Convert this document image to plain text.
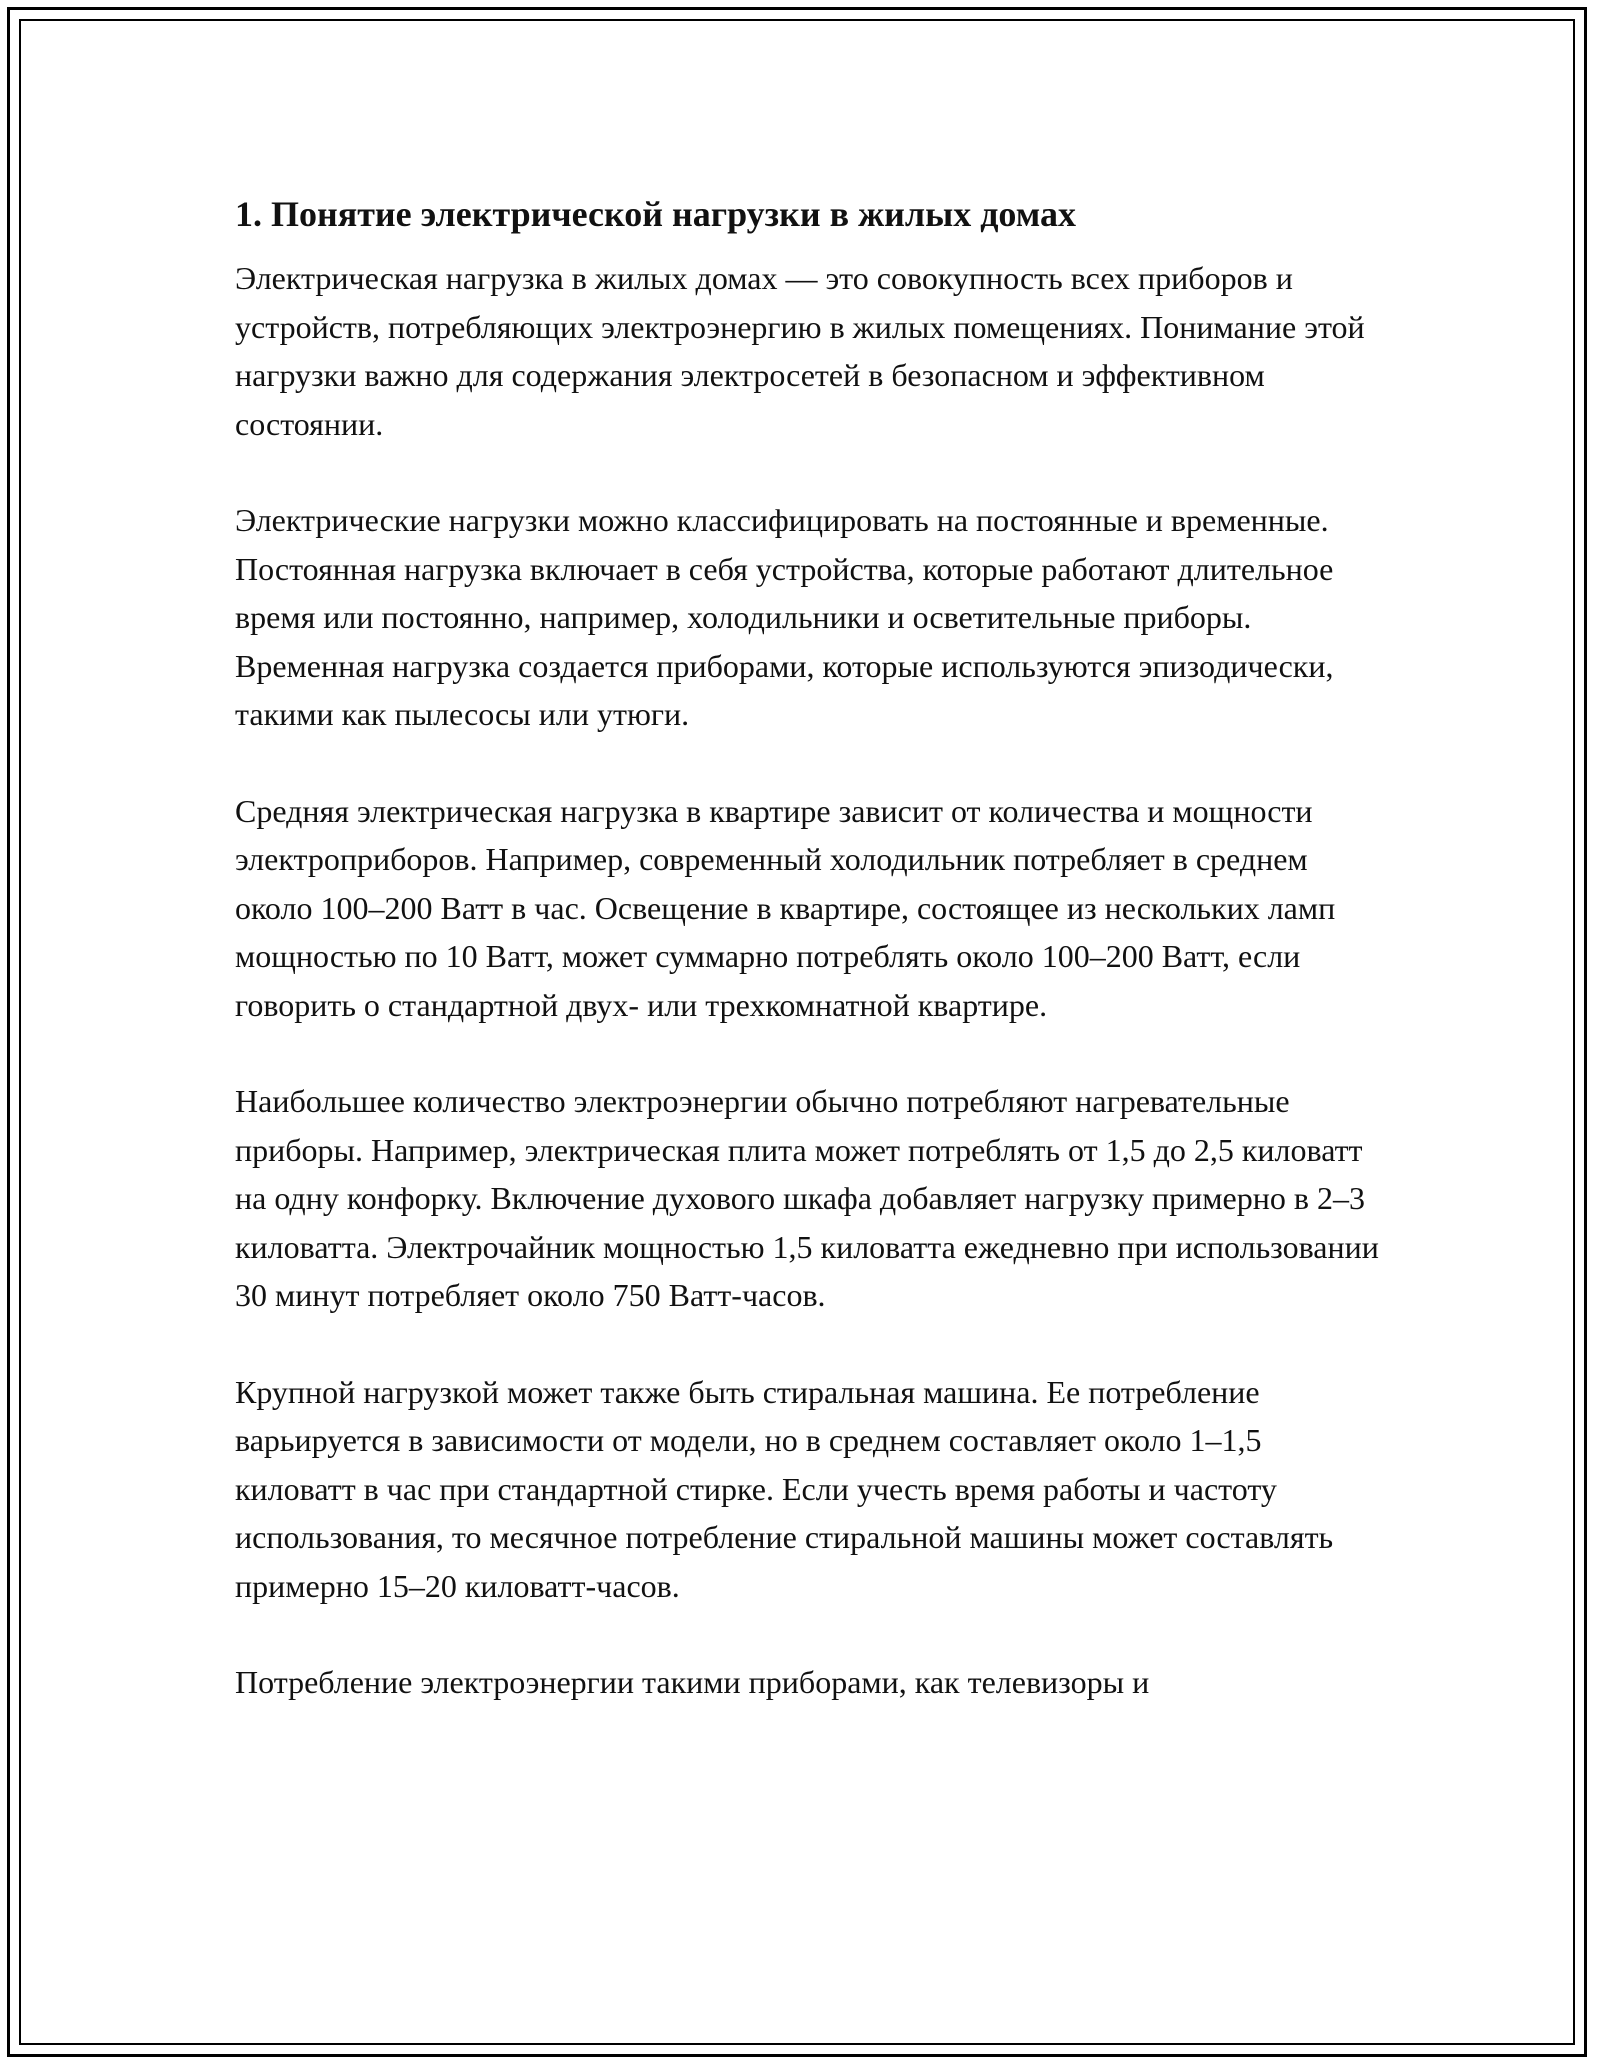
1. Понятие электрической нагрузки в жилых домах

Электрическая нагрузка в жилых домах — это совокупность всех приборов и устройств, потребляющих электроэнергию в жилых помещениях. Понимание этой нагрузки важно для содержания электросетей в безопасном и эффективном состоянии.

Электрические нагрузки можно классифицировать на постоянные и временные. Постоянная нагрузка включает в себя устройства, которые работают длительное время или постоянно, например, холодильники и осветительные приборы. Временная нагрузка создается приборами, которые используются эпизодически, такими как пылесосы или утюги.

Средняя электрическая нагрузка в квартире зависит от количества и мощности электроприборов. Например, современный холодильник потребляет в среднем около 100–200 Ватт в час. Освещение в квартире, состоящее из нескольких ламп мощностью по 10 Ватт, может суммарно потреблять около 100–200 Ватт, если говорить о стандартной двух- или трехкомнатной квартире.

Наибольшее количество электроэнергии обычно потребляют нагревательные приборы. Например, электрическая плита может потреблять от 1,5 до 2,5 киловатт на одну конфорку. Включение духового шкафа добавляет нагрузку примерно в 2–3 киловатта. Электрочайник мощностью 1,5 киловатта ежедневно при использовании 30 минут потребляет около 750 Ватт-часов.

Крупной нагрузкой может также быть стиральная машина. Ее потребление варьируется в зависимости от модели, но в среднем составляет около 1–1,5 киловатт в час при стандартной стирке. Если учесть время работы и частоту использования, то месячное потребление стиральной машины может составлять примерно 15–20 киловатт-часов.

Потребление электроэнергии такими приборами, как телевизоры и
